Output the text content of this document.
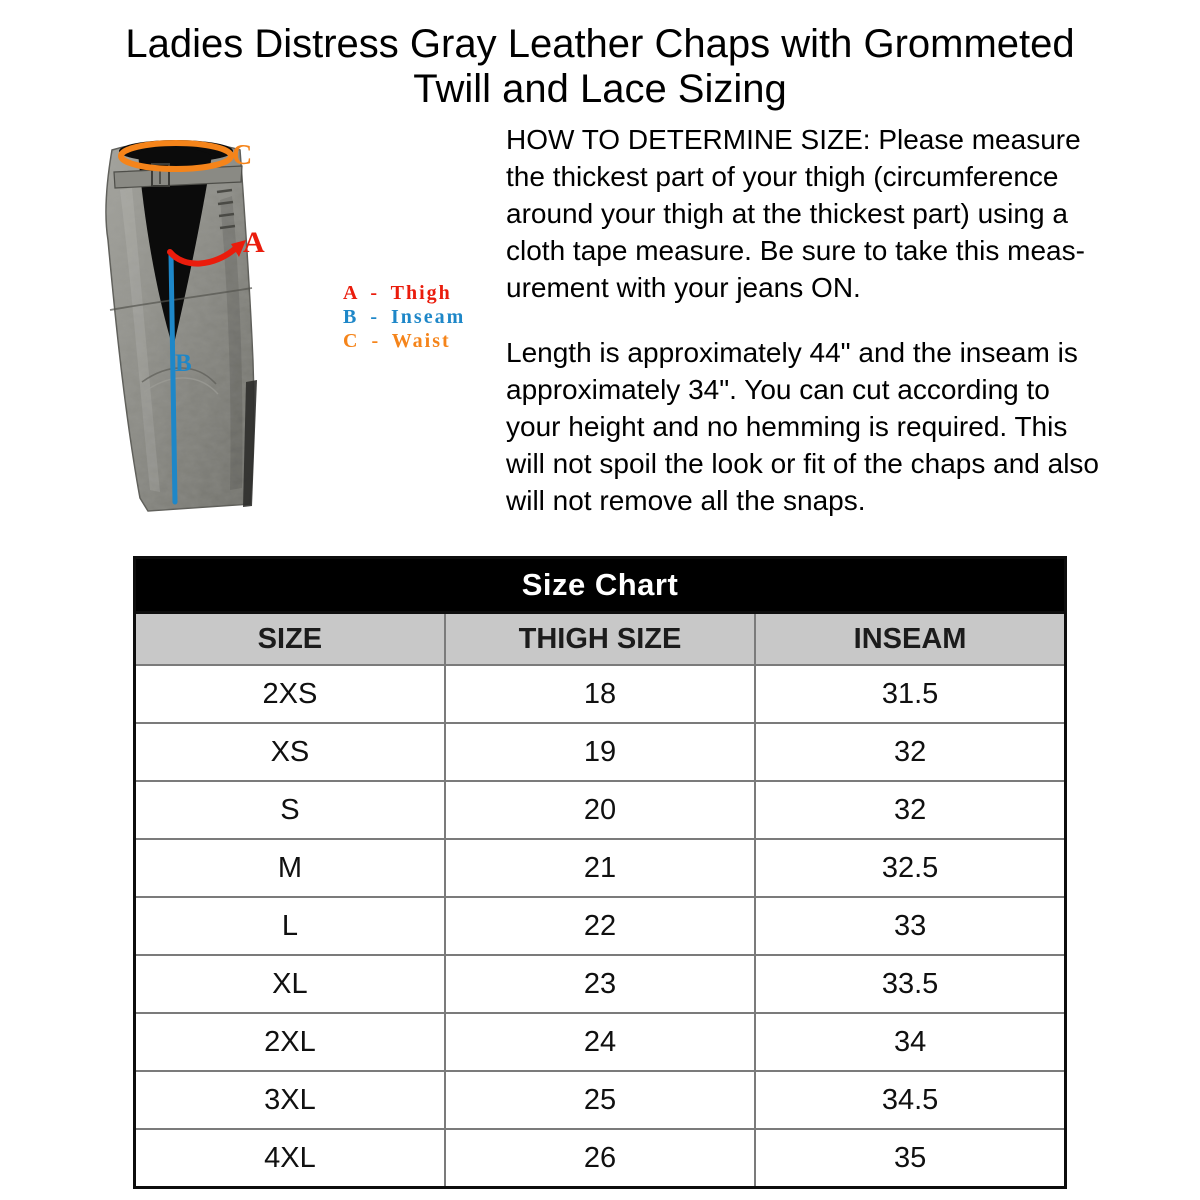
Ladies Distress Gray Leather Chaps with Grommeted
Twill and Lace Sizing
C
A
B
A - Thigh
B - Inseam
C - Waist

HOW TO DETERMINE SIZE: Please measure
the thickest part of your thigh (circumference
around your thigh at the thickest part) using a
cloth tape measure. Be sure to take this meas-
urement with your jeans ON.

Length is approximately 44" and the inseam is
approximately 34". You can cut according to
your height and no hemming is required. This
will not spoil the look or fit of the chaps and also
will not remove all the snaps.

Size Chart		
SIZE	THIGH SIZE	INSEAM
2XS	18	31.5
XS	19	32
S	20	32
M	21	32.5
L	22	33
XL	23	33.5
2XL	24	34
3XL	25	34.5
4XL	26	35
